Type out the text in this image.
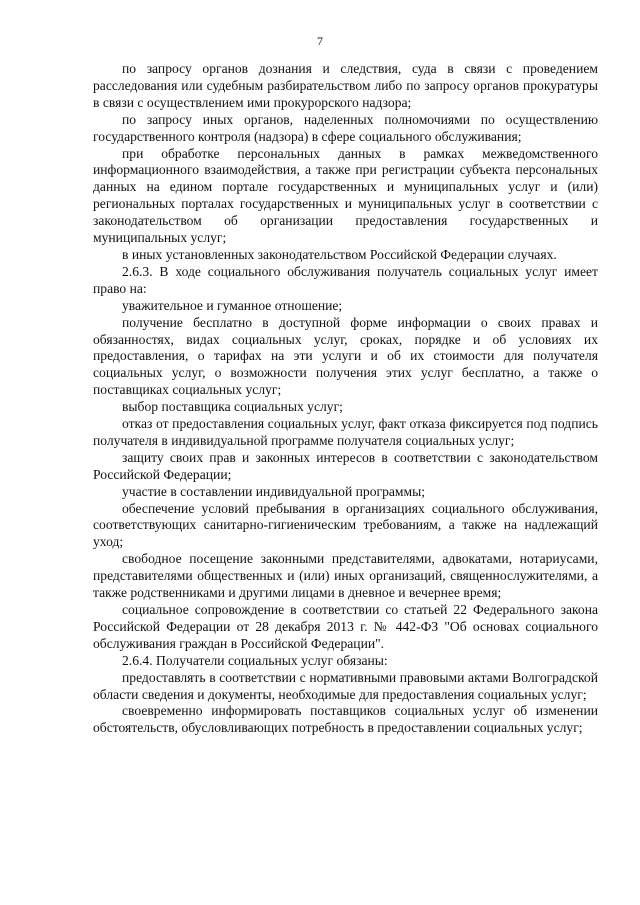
7

по запросу органов дознания и следствия, суда в связи с проведением расследования или судебным разбирательством либо по запросу органов прокуратуры в связи с осуществлением ими прокурорского надзора;

по запросу иных органов, наделенных полномочиями по осуществлению государственного контроля (надзора) в сфере социального обслуживания;

при обработке персональных данных в рамках межведомственного информационного взаимодействия, а также при регистрации субъекта персональных данных на едином портале государственных и муниципальных услуг и (или) региональных порталах государственных и муниципальных услуг в соответствии с законодательством об организации предоставления государственных и муниципальных услуг;

в иных установленных законодательством Российской Федерации случаях.

2.6.3. В ходе социального обслуживания получатель социальных услуг имеет право на:

уважительное и гуманное отношение;

получение бесплатно в доступной форме информации о своих правах и обязанностях, видах социальных услуг, сроках, порядке и об условиях их предоставления, о тарифах на эти услуги и об их стоимости для получателя социальных услуг, о возможности получения этих услуг бесплатно, а также о поставщиках социальных услуг;

выбор поставщика социальных услуг;

отказ от предоставления социальных услуг, факт отказа фиксируется под подпись получателя в индивидуальной программе получателя социальных услуг;

защиту своих прав и законных интересов в соответствии с законодательством Российской Федерации;

участие в составлении индивидуальной программы;

обеспечение условий пребывания в организациях социального обслуживания, соответствующих санитарно-гигиеническим требованиям, а также на надлежащий уход;

свободное посещение законными представителями, адвокатами, нотариусами, представителями общественных и (или) иных организаций, священнослужителями, а также родственниками и другими лицами в дневное и вечернее время;

социальное сопровождение в соответствии со статьей 22 Федерального закона Российской Федерации от 28 декабря 2013 г. № 442-ФЗ "Об основах социального обслуживания граждан в Российской Федерации".

2.6.4. Получатели социальных услуг обязаны:

предоставлять в соответствии с нормативными правовыми актами Волгоградской области сведения и документы, необходимые для предоставления социальных услуг;

своевременно информировать поставщиков социальных услуг об изменении обстоятельств, обусловливающих потребность в предоставлении социальных услуг;
